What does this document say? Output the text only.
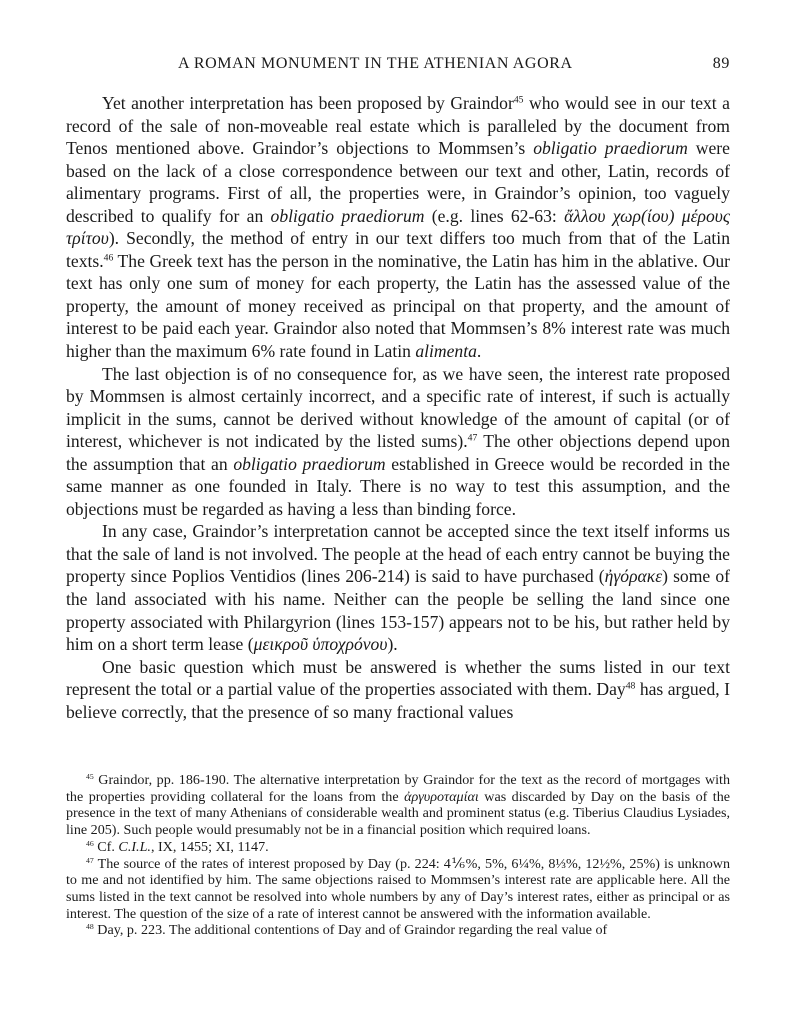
A ROMAN MONUMENT IN THE ATHENIAN AGORA	89

Yet another interpretation has been proposed by Graindor$^{45}$ who would see in our text a record of the sale of non-moveable real estate which is paralleled by the document from Tenos mentioned above. Graindor’s objections to Mommsen’s obligatio praediorum were based on the lack of a close correspondence between our text and other, Latin, records of alimentary programs. First of all, the properties were, in Graindor’s opinion, too vaguely described to qualify for an obligatio praediorum (e.g. lines 62-63: ἄλλου χωρ(ίου) μέρους τρίτου). Secondly, the method of entry in our text differs too much from that of the Latin texts.$^{46}$ The Greek text has the person in the nominative, the Latin has him in the ablative. Our text has only one sum of money for each property, the Latin has the assessed value of the property, the amount of money received as principal on that property, and the amount of interest to be paid each year. Graindor also noted that Mommsen’s 8% interest rate was much higher than the maximum 6% rate found in Latin alimenta.

The last objection is of no consequence for, as we have seen, the interest rate proposed by Mommsen is almost certainly incorrect, and a specific rate of interest, if such is actually implicit in the sums, cannot be derived without knowledge of the amount of capital (or of interest, whichever is not indicated by the listed sums).$^{47}$ The other objections depend upon the assumption that an obligatio praediorum established in Greece would be recorded in the same manner as one founded in Italy. There is no way to test this assumption, and the objections must be regarded as having a less than binding force.

In any case, Graindor’s interpretation cannot be accepted since the text itself informs us that the sale of land is not involved. The people at the head of each entry cannot be buying the property since Poplios Ventidios (lines 206-214) is said to have purchased (ἠγόρακε) some of the land associated with his name. Neither can the people be selling the land since one property associated with Philargyrion (lines 153-157) appears not to be his, but rather held by him on a short term lease (μεικροῦ ὑποχρόνου).

One basic question which must be answered is whether the sums listed in our text represent the total or a partial value of the properties associated with them. Day$^{48}$ has argued, I believe correctly, that the presence of so many fractional values

$^{45}$ Graindor, pp. 186-190. The alternative interpretation by Graindor for the text as the record of mortgages with the properties providing collateral for the loans from the ἀργυροταμίαι was discarded by Day on the basis of the presence in the text of many Athenians of considerable wealth and prominent status (e.g. Tiberius Claudius Lysiades, line 205). Such people would presumably not be in a financial position which required loans.

$^{46}$ Cf. C.I.L., IX, 1455; XI, 1147.

$^{47}$ The source of the rates of interest proposed by Day (p. 224: 4⅙%, 5%, 6¼%, 8⅓%, 12½%, 25%) is unknown to me and not identified by him. The same objections raised to Mommsen’s interest rate are applicable here. All the sums listed in the text cannot be resolved into whole numbers by any of Day’s interest rates, either as principal or as interest. The question of the size of a rate of interest cannot be answered with the information available.

$^{48}$ Day, p. 223. The additional contentions of Day and of Graindor regarding the real value of
